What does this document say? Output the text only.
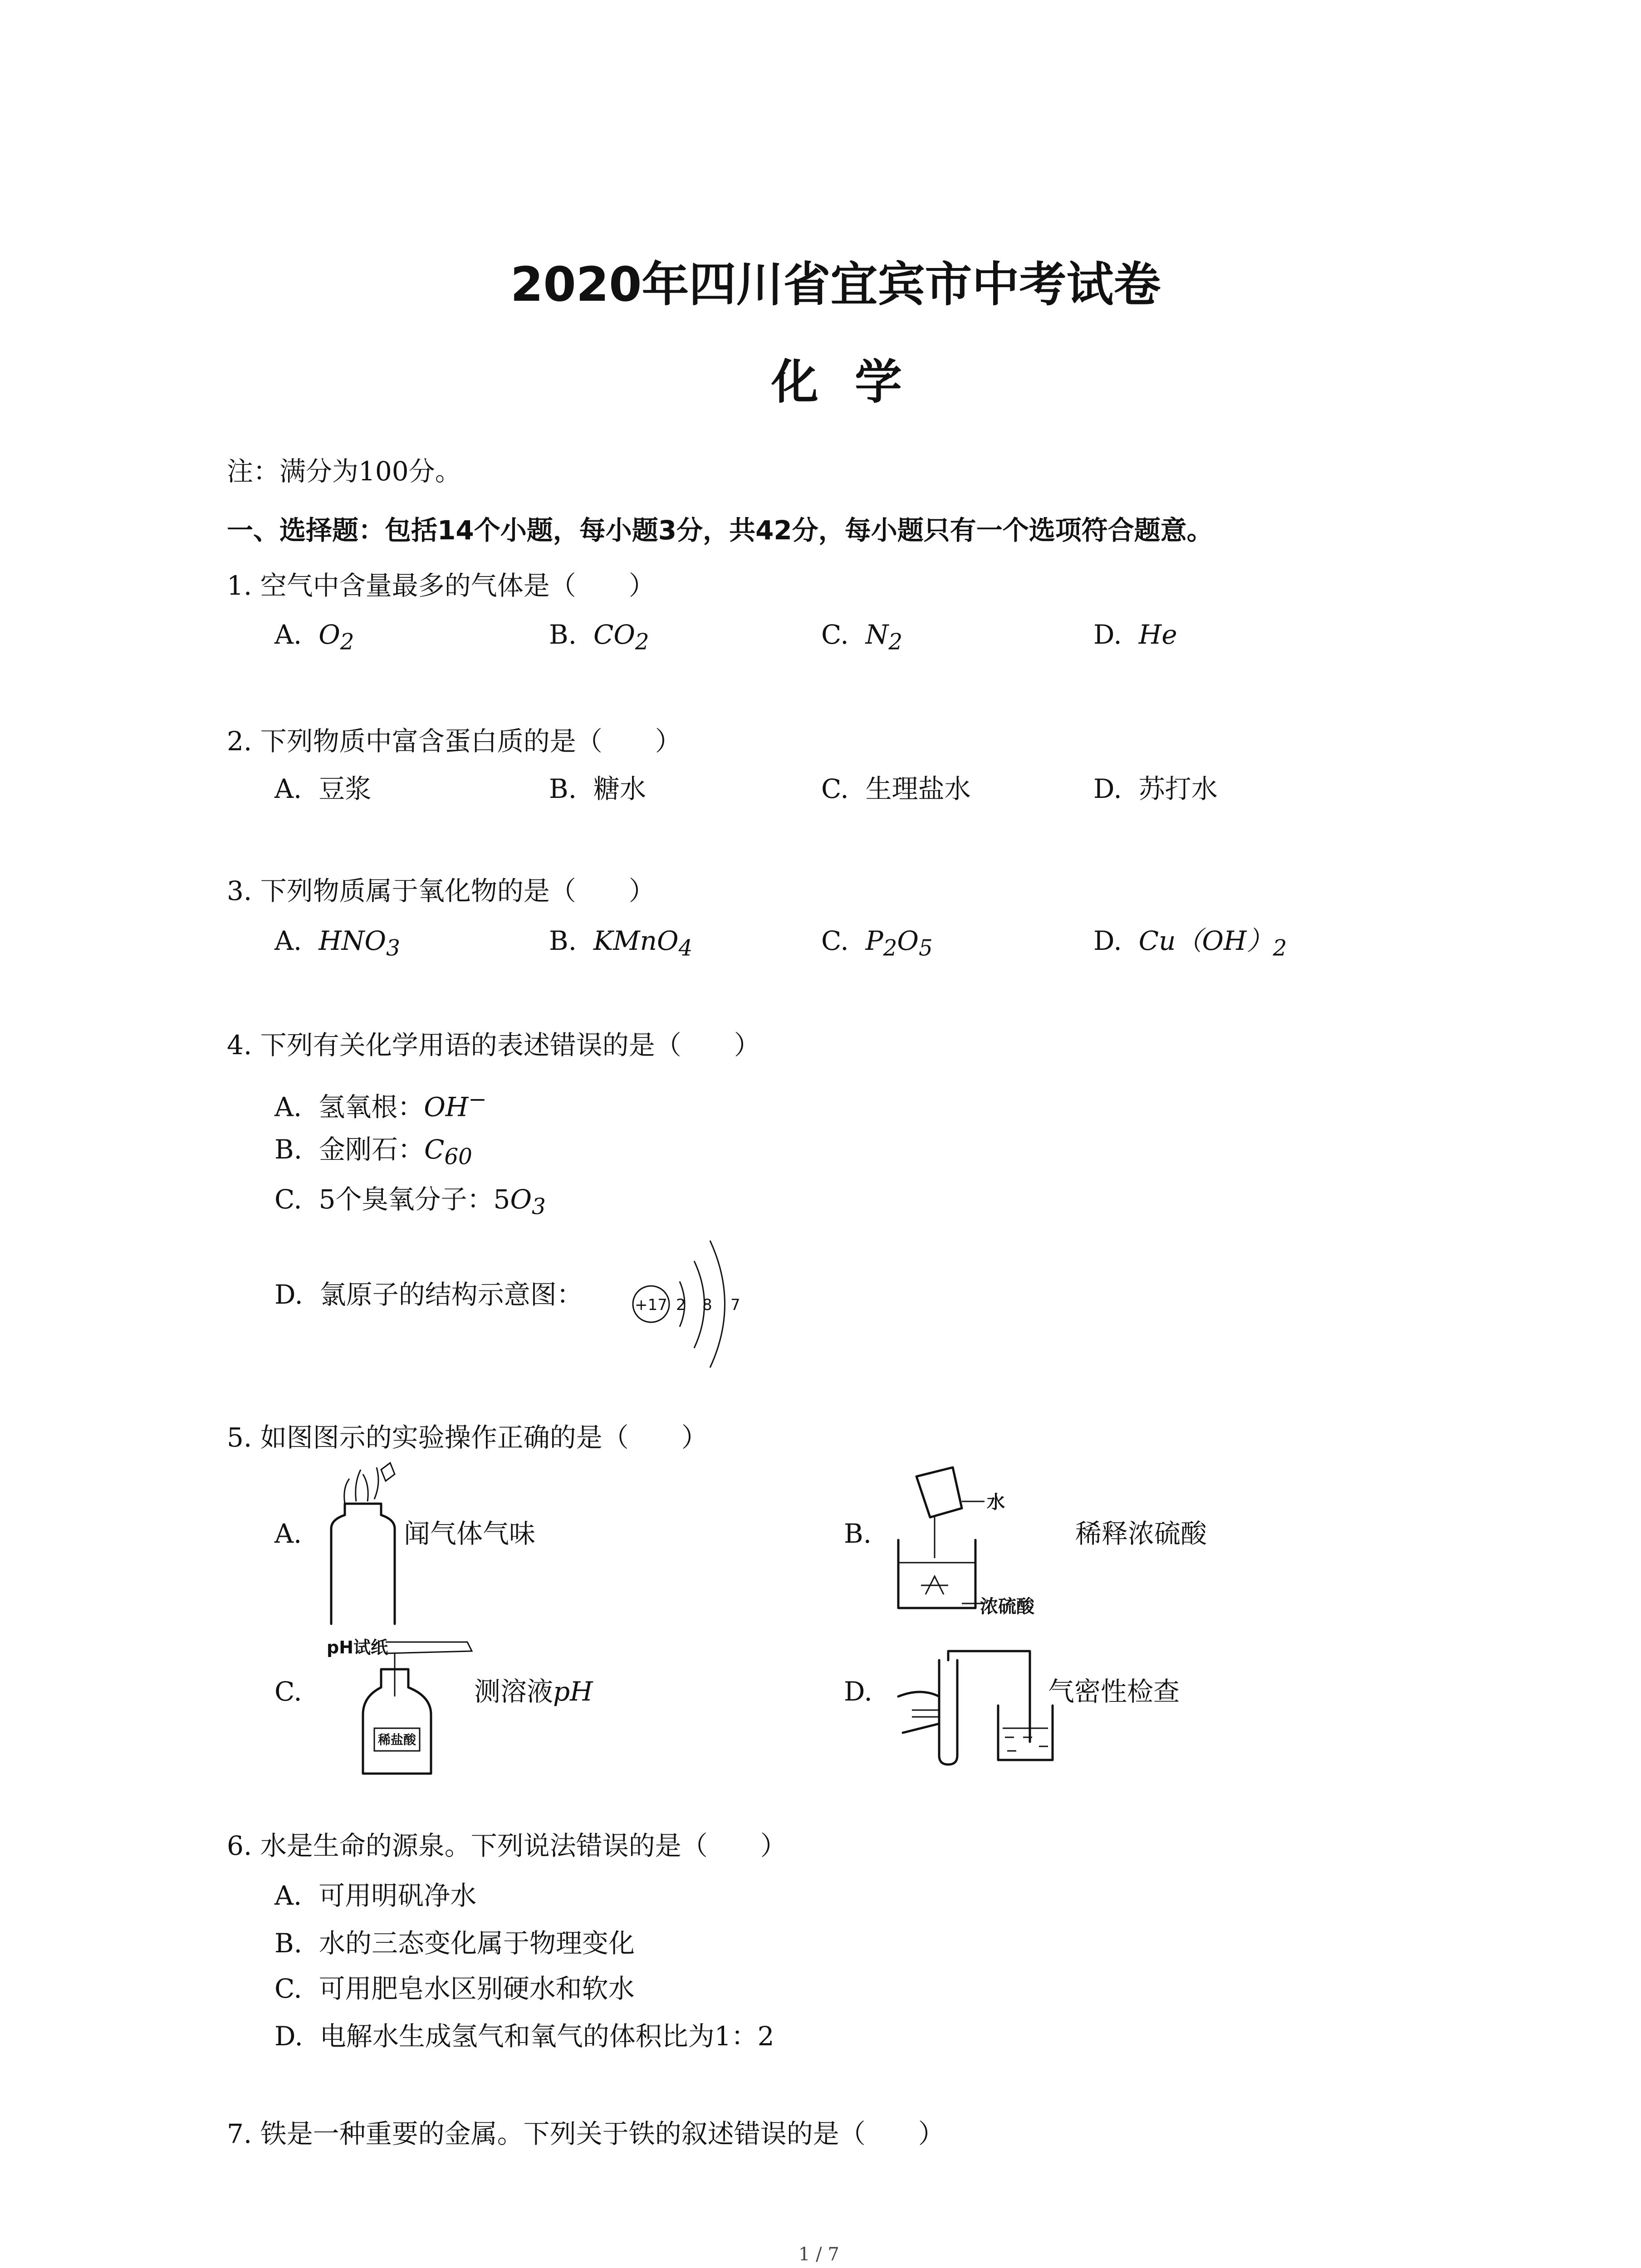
2020年四川省宜宾市中考试卷
化学
注：满分为100分。
一、选择题：包括14个小题，每小题3分，共42分，每小题只有一个选项符合题意。
1. 空气中含量最多的气体是（　　）
A. $O_2$	B. $CO_2$	C. $N_2$	D. He
2. 下列物质中富含蛋白质的是（　　）
A. 豆浆	B. 糖水	C. 生理盐水	D. 苏打水
3. 下列物质属于氧化物的是（　　）
A. $HNO_3$	B. KMnO$_4$	C. $P_2O_5$	D. $Cu(OH)_2$
4. 下列有关化学用语的表述错误的是（　　）
A. 氢氧根：OH−
B. 金刚石：$C_{60}$
C. 5个臭氧分子：$5O_3$
D. 氯原子的结构示意图：	+17 2 8 7
5. 如图图示的实验操作正确的是（　　）
A.	闻气体气味	B.
水
浓硫酸
稀释浓硫酸
C.
pH试纸
稀盐酸
测溶液pH	D.	气密性检查
6. 水是生命的源泉。下列说法错误的是（　　）
A. 可用明矾净水
B. 水的三态变化属于物理变化
C. 可用肥皂水区别硬水和软水
D. 电解水生成氢气和氧气的体积比为1：2
7. 铁是一种重要的金属。下列关于铁的叙述错误的是（　　）
1 / 7
